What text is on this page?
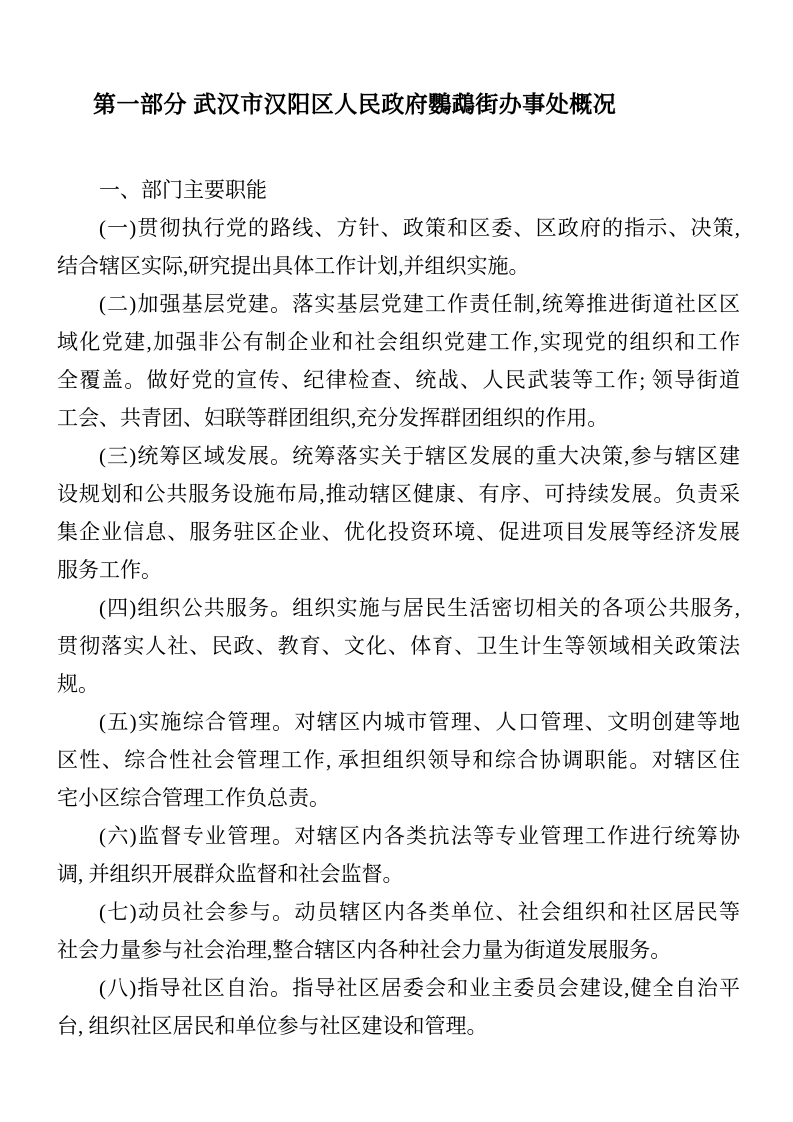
第一部分 武汉市汉阳区人民政府鸚鵡街办事处概况
一、部门主要职能
(一)贯彻执行党的路线、方针、政策和区委、区政府的指示、决策,
结合辖区实际,研究提出具体工作计划,并组织实施。
(二)加强基层党建。落实基层党建工作责任制,统筹推进街道社区区
域化党建,加强非公有制企业和社会组织党建工作,实现党的组织和工作
全覆盖。做好党的宣传、纪律检查、统战、人民武装等工作; 领导街道
工会、共青团、妇联等群团组织,充分发挥群团组织的作用。
(三)统筹区域发展。统筹落实关于辖区发展的重大决策,参与辖区建
设规划和公共服务设施布局,推动辖区健康、有序、可持续发展。负责采
集企业信息、服务驻区企业、优化投资环境、促进项目发展等经济发展
服务工作。
(四)组织公共服务。组织实施与居民生活密切相关的各项公共服务,
贯彻落实人社、民政、教育、文化、体育、卫生计生等领域相关政策法
规。
(五)实施综合管理。对辖区内城市管理、人口管理、文明创建等地
区性、综合性社会管理工作, 承担组织领导和综合协调职能。对辖区住
宅小区综合管理工作负总责。
(六)监督专业管理。对辖区内各类抗法等专业管理工作进行统筹协
调, 并组织开展群众监督和社会监督。
(七)动员社会参与。动员辖区内各类单位、社会组织和社区居民等
社会力量参与社会治理,整合辖区内各种社会力量为街道发展服务。
(八)指导社区自治。指导社区居委会和业主委员会建设,健全自治平
台, 组织社区居民和单位参与社区建设和管理。
